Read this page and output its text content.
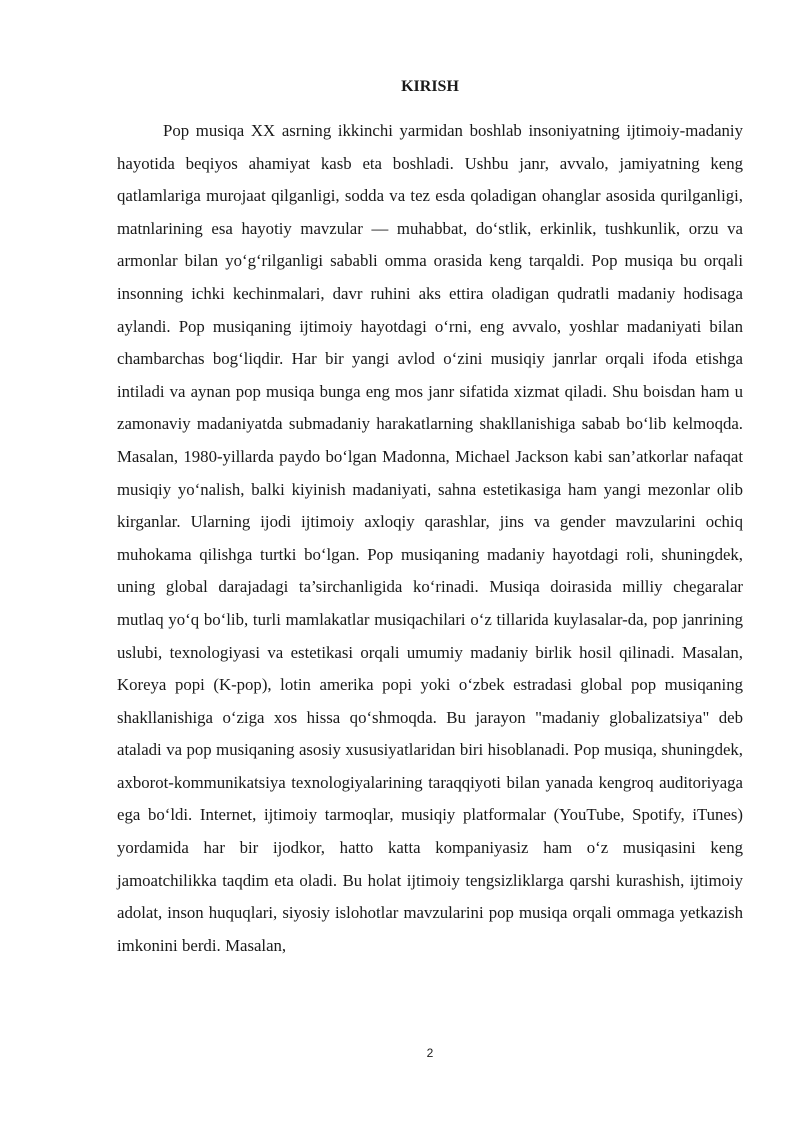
KIRISH

Pop musiqa XX asrning ikkinchi yarmidan boshlab insoniyatning ijtimoiy-madaniy hayotida beqiyos ahamiyat kasb eta boshladi. Ushbu janr, avvalo, jamiyatning keng qatlamlariga murojaat qilganligi, sodda va tez esda qoladigan ohanglar asosida qurilganligi, matnlarining esa hayotiy mavzular — muhabbat, do‘stlik, erkinlik, tushkunlik, orzu va armonlar bilan yo‘g‘rilganligi sababli omma orasida keng tarqaldi. Pop musiqa bu orqali insonning ichki kechinmalari, davr ruhini aks ettira oladigan qudratli madaniy hodisaga aylandi. Pop musiqaning ijtimoiy hayotdagi o‘rni, eng avvalo, yoshlar madaniyati bilan chambarchas bog‘liqdir. Har bir yangi avlod o‘zini musiqiy janrlar orqali ifoda etishga intiladi va aynan pop musiqa bunga eng mos janr sifatida xizmat qiladi. Shu boisdan ham u zamonaviy madaniyatda submadaniy harakatlarning shakllanishiga sabab bo‘lib kelmoqda. Masalan, 1980-yillarda paydo bo‘lgan Madonna, Michael Jackson kabi san’atkorlar nafaqat musiqiy yo‘nalish, balki kiyinish madaniyati, sahna estetikasiga ham yangi mezonlar olib kirganlar. Ularning ijodi ijtimoiy axloqiy qarashlar, jins va gender mavzularini ochiq muhokama qilishga turtki bo‘lgan. Pop musiqaning madaniy hayotdagi roli, shuningdek, uning global darajadagi ta’sirchanligida ko‘rinadi. Musiqa doirasida milliy chegaralar mutlaq yo‘q bo‘lib, turli mamlakatlar musiqachilari o‘z tillarida kuylasalar-da, pop janrining uslubi, texnologiyasi va estetikasi orqali umumiy madaniy birlik hosil qilinadi. Masalan, Koreya popi (K-pop), lotin amerika popi yoki o‘zbek estradasi global pop musiqaning shakllanishiga o‘ziga xos hissa qo‘shmoqda. Bu jarayon "madaniy globalizatsiya" deb ataladi va pop musiqaning asosiy xususiyatlaridan biri hisoblanadi. Pop musiqa, shuningdek, axborot-kommunikatsiya texnologiyalarining taraqqiyoti bilan yanada kengroq auditoriyaga ega bo‘ldi. Internet, ijtimoiy tarmoqlar, musiqiy platformalar (YouTube, Spotify, iTunes) yordamida har bir ijodkor, hatto katta kompaniyasiz ham o‘z musiqasini keng jamoatchilikka taqdim eta oladi. Bu holat ijtimoiy tengsizliklarga qarshi kurashish, ijtimoiy adolat, inson huquqlari, siyosiy islohotlar mavzularini pop musiqa orqali ommaga yetkazish imkonini berdi. Masalan,

2
